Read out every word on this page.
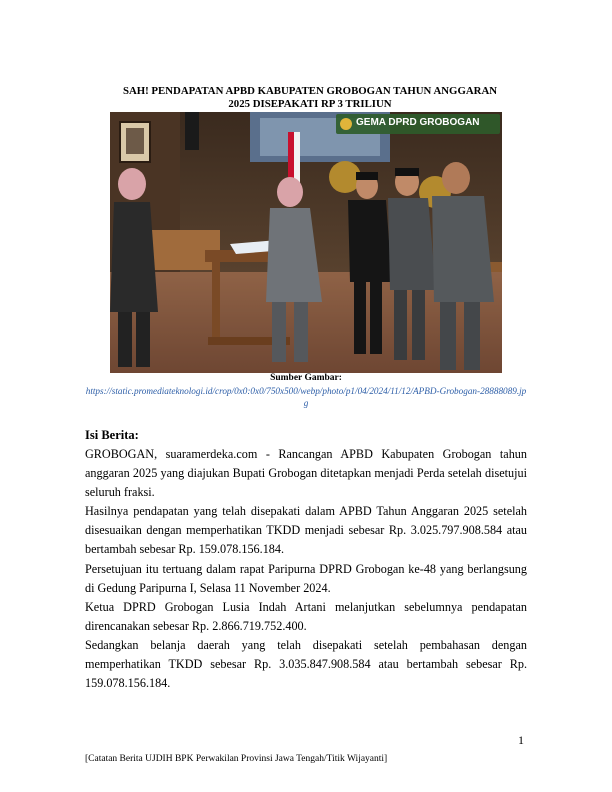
SAH! PENDAPATAN APBD KABUPATEN GROBOGAN TAHUN ANGGARAN
2025 DISEPAKATI RP 3 TRILIUN
GEMA DPRD GROBOGAN
Sumber Gambar:
https://static.promediateknologi.id/crop/0x0:0x0/750x500/webp/photo/p1/04/2024/11/12/APBD-Grobogan-28888089.jpg
Isi Berita:

GROBOGAN, suaramerdeka.com - Rancangan APBD Kabupaten Grobogan tahun anggaran 2025 yang diajukan Bupati Grobogan ditetapkan menjadi Perda setelah disetujui seluruh fraksi.

Hasilnya pendapatan yang telah disepakati dalam APBD Tahun Anggaran 2025 setelah disesuaikan dengan memperhatikan TKDD menjadi sebesar Rp. 3.025.797.908.584 atau bertambah sebesar Rp. 159.078.156.184.

Persetujuan itu tertuang dalam rapat Paripurna DPRD Grobogan ke-48 yang berlangsung di Gedung Paripurna I, Selasa 11 November 2024.

Ketua DPRD Grobogan Lusia Indah Artani melanjutkan sebelumnya pendapatan direncanakan sebesar Rp. 2.866.719.752.400.

Sedangkan belanja daerah yang telah disepakati setelah pembahasan dengan memperhatikan TKDD sebesar Rp. 3.035.847.908.584 atau bertambah sebesar Rp. 159.078.156.184.

1
[Catatan Berita UJDIH BPK Perwakilan Provinsi Jawa Tengah/Titik Wijayanti]
